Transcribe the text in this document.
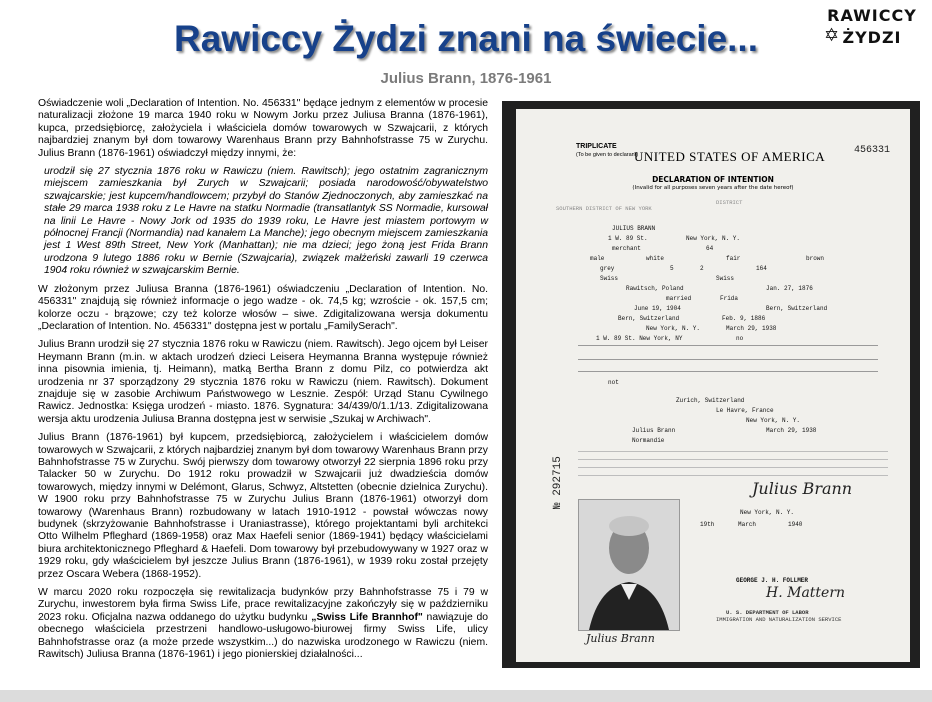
Rawiccy Żydzi znani na świecie...
Julius Brann, 1876-1961
RAWICCY
✡ ŻYDZI

Oświadczenie woli „Declaration of Intention. No. 456331" będące jednym z elementów w procesie naturalizacji złożone 19 marca 1940 roku w Nowym Jorku przez Juliusa Branna (1876-1961), kupca, przedsiębiorcę, założyciela i właściciela domów towarowych w Szwajcarii, z których najbardziej znanym był dom towarowy Warenhaus Brann przy Bahnhofstrasse 75 w Zurychu. Julius Brann (1876-1961) oświadczył między innymi, że:

urodził się 27 stycznia 1876 roku w Rawiczu (niem. Rawitsch); jego ostatnim zagranicznym miejscem zamieszkania był Zurych w Szwajcarii; posiada narodowość/obywatelstwo szwajcarskie; jest kupcem/handlowcem; przybył do Stanów Zjednoczonych, aby zamieszkać na stałe 29 marca 1938 roku z Le Havre na statku Normadie (transatlantyk SS Normadie, kursował na linii Le Havre - Nowy Jork od 1935 do 1939 roku, Le Havre jest miastem portowym w północnej Francji (Normandia) nad kanałem La Manche); jego obecnym miejscem zamieszkania jest 1 West 89th Street, New York (Manhattan); nie ma dzieci; jego żoną jest Frida Brann urodzona 9 lutego 1886 roku w Bernie (Szwajcaria), związek małżeński zawarli 19 czerwca 1904 roku również w szwajcarskim Bernie.

W złożonym przez Juliusa Branna (1876-1961) oświadczeniu „Declaration of Intention. No. 456331" znajdują się również informacje o jego wadze - ok. 74,5 kg; wzroście - ok. 157,5 cm; kolorze oczu - brązowe; czy też kolorze włosów – siwe. Zdigitalizowana wersja dokumentu „Declaration of Intention. No. 456331" dostępna jest w portalu „FamilySerach".

Julius Brann urodził się 27 stycznia 1876 roku w Rawiczu (niem. Rawitsch). Jego ojcem był Leiser Heymann Brann (m.in. w aktach urodzeń dzieci Leisera Heymanna Branna występuje również inna pisownia imienia, tj. Heimann), matką Bertha Brann z domu Pilz, co potwierdza akt urodzenia nr 37 sporządzony 29 stycznia 1876 roku w Rawiczu (niem. Rawitsch). Dokument znajduje się w zasobie Archiwum Państwowego w Lesznie. Zespół: Urząd Stanu Cywilnego Rawicz. Jednostka: Księga urodzeń - miasto. 1876. Sygnatura: 34/439/0/1.1/13. Zdigitalizowana wersja aktu urodzenia Juliusa Branna dostępna jest w serwisie „Szukaj w Archiwach".

Julius Brann (1876-1961) był kupcem, przedsiębiorcą, założycielem i właścicielem domów towarowych w Szwajcarii, z których najbardziej znanym był dom towarowy Warenhaus Brann przy Bahnhofstrasse 75 w Zurychu. Swój pierwszy dom towarowy otworzył 22 sierpnia 1896 roku przy Talacker 50 w Zurychu. Do 1912 roku prowadził w Szwajcarii już dwadzieścia domów towarowych, między innymi w Delémont, Glarus, Schwyz, Altstetten (obecnie dzielnica Zurychu). W 1900 roku przy Bahnhofstrasse 75 w Zurychu Julius Brann (1876-1961) otworzył dom towarowy (Warenhaus Brann) rozbudowany w latach 1910-1912 - powstał wówczas nowy budynek (skrzyżowanie Bahnhofstrasse i Uraniastrasse), którego projektantami byli architekci Otto Wilhelm Pfleghard (1869-1958) oraz Max Haefeli senior (1869-1941) będący właścicielami biura architektonicznego Pfleghard & Haefeli. Dom towarowy był przebudowywany w 1927 oraz w 1929 roku, gdy właścicielem był jeszcze Julius Brann (1876-1961), w 1939 roku został przejęty przez Oscara Webera (1868-1952).

W marcu 2020 roku rozpoczęła się rewitalizacja budynków przy Bahnhofstrasse 75 i 79 w Zurychu, inwestorem była firma Swiss Life, prace rewitalizacyjne zakończyły się w październiku 2023 roku. Oficjalna nazwa oddanego do użytku budynku „Swiss Life Brannhof" nawiązuje do obecnego właściciela przestrzeni handlowo-usługowo-biurowej firmy Swiss Life, ulicy Bahnhofstrasse oraz (a może przede wszystkim...) do nazwiska urodzonego w Rawiczu (niem. Rawitsch) Juliusa Branna (1876-1961) i jego pionierskiej działalności...

TRIPLICATE
(To be given to declarant)
UNITED STATES OF AMERICA	456331
DECLARATION OF INTENTION
(Invalid for all purposes seven years after the date hereof)
SOUTHERN DISTRICT OF NEW YORK
DISTRICT
JULIUS BRANN
1 W. 89 St.	New York, N. Y.
merchant	64
male	white	fair	brown
grey	5	2	164
Swiss	Swiss
Rawitsch, Poland	Jan. 27, 1876
married	Frida
June 19, 1904	Bern, Switzerland
Bern, Switzerland	Feb. 9, 1886
New York, N. Y.	March 29, 1938
1 W. 89 St. New York, NY	no
not
Zurich, Switzerland
Le Havre, France
New York, N. Y.
Julius Brann	March 29, 1938
Normandie
Julius Brann
№ 292715
Julius Brann
New York, N. Y.
19th	March	1940
GEORGE J. H. FOLLMER
H. Mattern
U. S. DEPARTMENT OF LABOR
IMMIGRATION AND NATURALIZATION SERVICE
